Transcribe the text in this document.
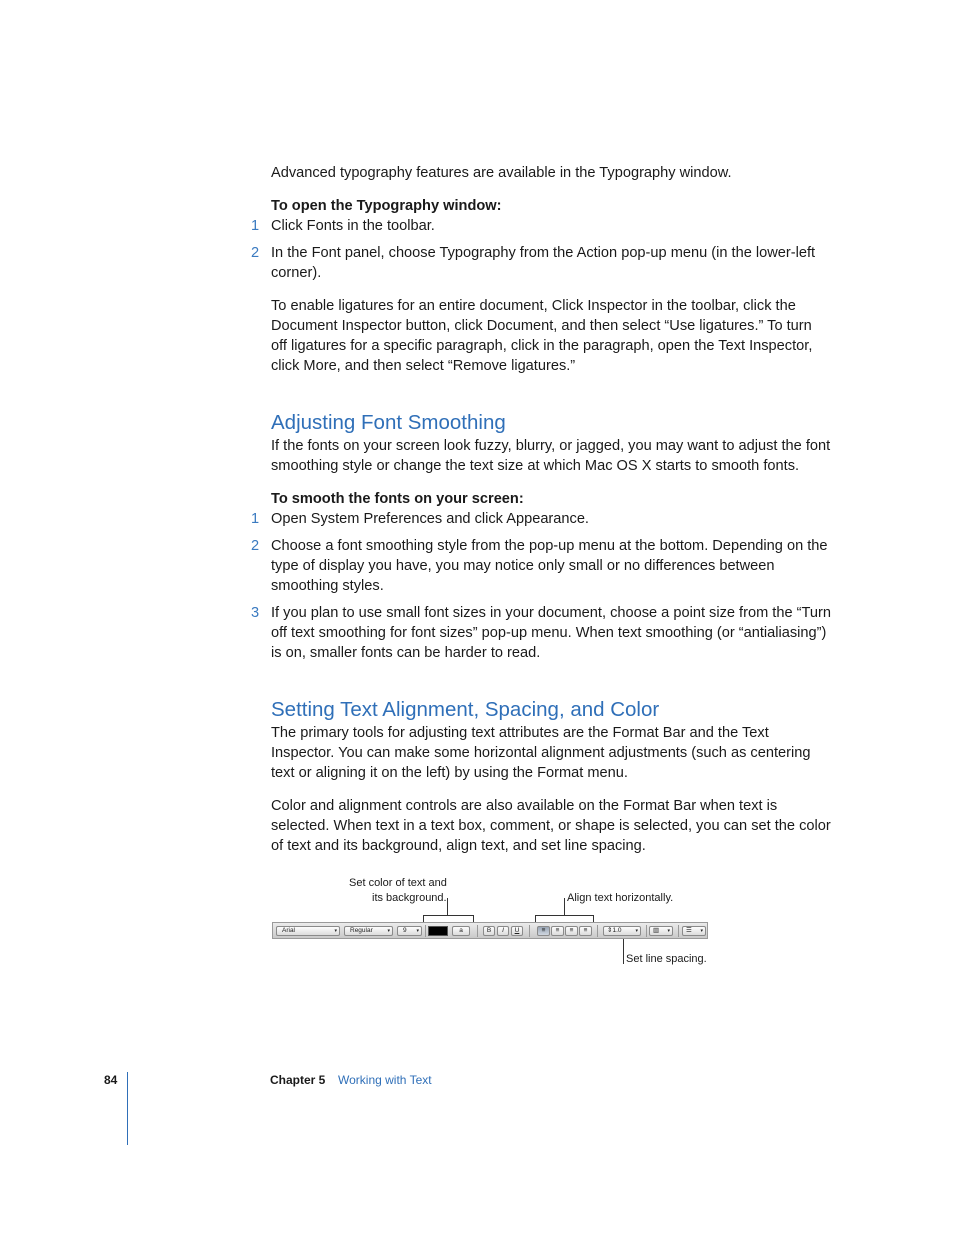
Advanced typography features are available in the Typography window.
To open the Typography window:
1 Click Fonts in the toolbar.
2 In the Font panel, choose Typography from the Action pop-up menu (in the lower-left corner).
To enable ligatures for an entire document, Click Inspector in the toolbar, click the Document Inspector button, click Document, and then select “Use ligatures.” To turn off ligatures for a specific paragraph, click in the paragraph, open the Text Inspector, click More, and then select “Remove ligatures.”
Adjusting Font Smoothing
If the fonts on your screen look fuzzy, blurry, or jagged, you may want to adjust the font smoothing style or change the text size at which Mac OS X starts to smooth fonts.
To smooth the fonts on your screen:
1 Open System Preferences and click Appearance.
2 Choose a font smoothing style from the pop-up menu at the bottom. Depending on the type of display you have, you may notice only small or no differences between smoothing styles.
3 If you plan to use small font sizes in your document, choose a point size from the “Turn off text smoothing for font sizes” pop-up menu. When text smoothing (or “antialiasing”) is on, smaller fonts can be harder to read.
Setting Text Alignment, Spacing, and Color
The primary tools for adjusting text attributes are the Format Bar and the Text Inspector. You can make some horizontal alignment adjustments (such as centering text or aligning it on the left) by using the Format menu.
Color and alignment controls are also available on the Format Bar when text is selected. When text in a text box, comment, or shape is selected, you can set the color of text and its background, align text, and set line spacing.
Set color of text and
its background.	Align text horizontally.
Set line spacing.
Arial	▾	Regular	▾	9 ▾	a	B	I	U	≡	≡	≡	≡	⇕1.0	▾	▥ ▾	☰ ▾
84	Chapter 5 Working with Text
